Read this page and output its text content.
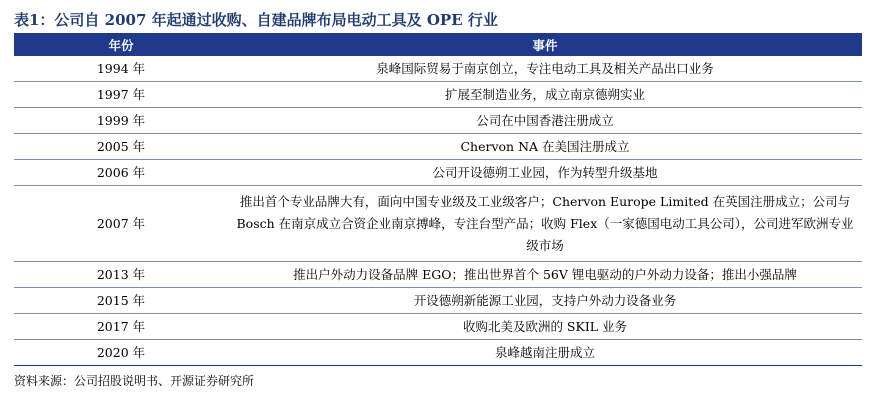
表1：公司自 2007 年起通过收购、自建品牌布局电动工具及 OPE 行业
年份	事件
1994 年	泉峰国际贸易于南京创立，专注电动工具及相关产品出口业务
1997 年	扩展至制造业务，成立南京德朔实业
1999 年	公司在中国香港注册成立
2005 年	Chervon NA 在美国注册成立
2006 年	公司开设德朔工业园，作为转型升级基地
2007 年	推出首个专业品牌大有，面向中国专业级及工业级客户；Chervon Europe Limited 在英国注册成立；公司与 Bosch 在南京成立合资企业南京搏峰，专注台型产品；收购 Flex（一家德国电动工具公司），公司进军欧洲专业级市场
2013 年	推出户外动力设备品牌 EGO；推出世界首个 56V 锂电驱动的户外动力设备；推出小强品牌
2015 年	开设德朔新能源工业园，支持户外动力设备业务
2017 年	收购北美及欧洲的 SKIL 业务
2020 年	泉峰越南注册成立
资料来源：公司招股说明书、开源证券研究所
